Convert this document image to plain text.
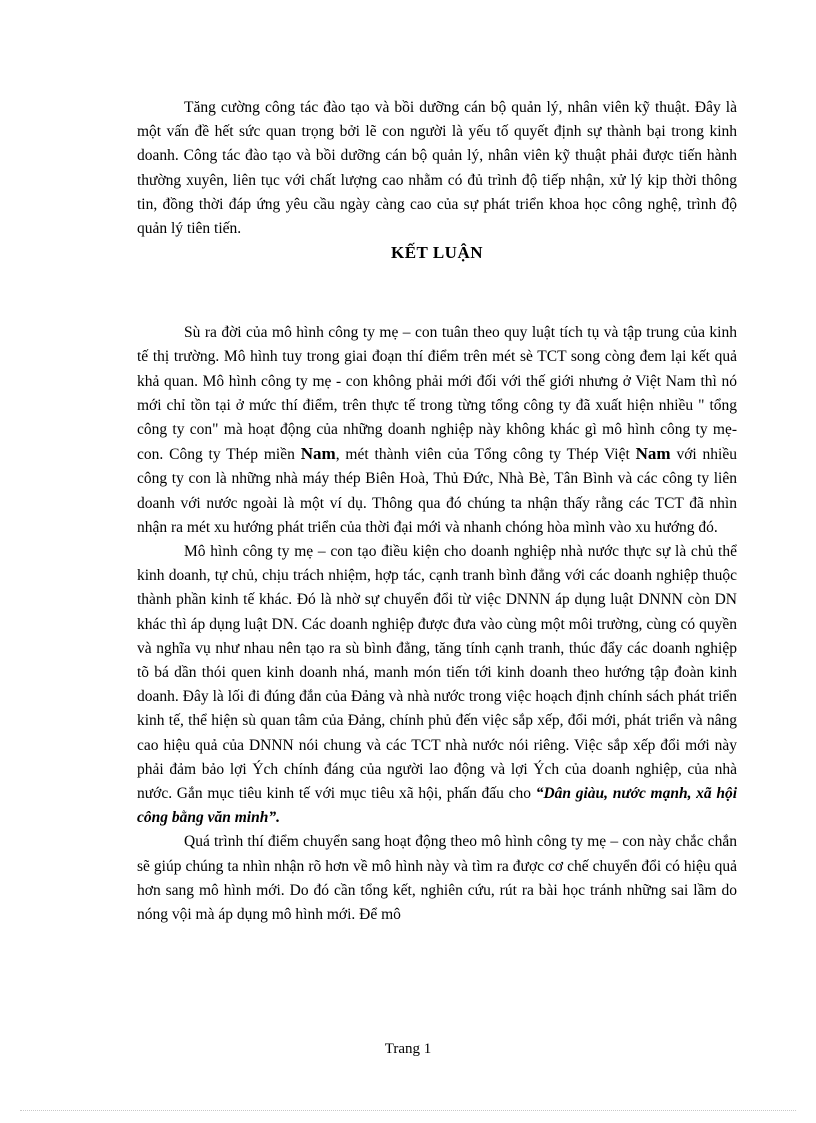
Tăng cường công tác đào tạo và bồi dưỡng cán bộ quản lý, nhân viên kỹ thuật. Đây là một vấn đề hết sức quan trọng bởi lẽ con người là yếu tố quyết định sự thành bại trong kinh doanh. Công tác đào tạo và bồi dưỡng cán bộ quản lý, nhân viên kỹ thuật phải được tiến hành thường xuyên, liên tục với chất lượng cao nhằm có đủ trình độ tiếp nhận, xử lý kịp thời thông tin, đồng thời đáp ứng yêu cầu ngày càng cao của sự phát triển khoa học công nghệ, trình độ quản lý tiên tiến.

KẾT LUẬN

Sù ra đời của mô hình công ty mẹ – con tuân theo quy luật tích tụ và tập trung của kinh tế thị trường. Mô hình tuy trong giai đoạn thí điểm trên mét sè TCT song còng đem lại kết quả khả quan. Mô hình công ty mẹ - con không phải mới đối với thế giới nhưng ở Việt Nam thì nó mới chỉ tồn tại ở mức thí điểm, trên thực tế trong từng tổng công ty đã xuất hiện nhiều " tổng công ty con" mà hoạt động của những doanh nghiệp này không khác gì mô hình công ty mẹ-con. Công ty Thép miền Nam, mét thành viên của Tổng công ty Thép Việt Nam với nhiều công ty con là những nhà máy thép Biên Hoà, Thủ Đức, Nhà Bè, Tân Bình và các công ty liên doanh với nước ngoài là một ví dụ. Thông qua đó chúng ta nhận thấy rằng các TCT đã nhìn nhận ra mét xu hướng phát triển của thời đại mới và nhanh chóng hòa mình vào xu hướng đó.

Mô hình công ty mẹ – con tạo điều kiện cho doanh nghiệp nhà nước thực sự là chủ thể kinh doanh, tự chủ, chịu trách nhiệm, hợp tác, cạnh tranh bình đẳng với các doanh nghiệp thuộc thành phần kinh tế khác. Đó là nhờ sự chuyển đổi từ việc DNNN áp dụng luật DNNN còn DN khác thì áp dụng luật DN. Các doanh nghiệp được đưa vào cùng một môi trường, cùng có quyền và nghĩa vụ như nhau nên tạo ra sù bình đẳng, tăng tính cạnh tranh, thúc đẩy các doanh nghiệp tõ bá dần thói quen kinh doanh nhá, manh món tiến tới kinh doanh theo hướng tập đoàn kinh doanh. Đây là lối đi đúng đắn của Đảng và nhà nước trong việc hoạch định chính sách phát triển kinh tế, thể hiện sù quan tâm của Đảng, chính phủ đến việc sắp xếp, đổi mới, phát triển và nâng cao hiệu quả của DNNN nói chung và các TCT nhà nước nói riêng. Việc sắp xếp đổi mới này phải đảm bảo lợi Ých chính đáng của người lao động và lợi Ých của doanh nghiệp, của nhà nước. Gắn mục tiêu kinh tế với mục tiêu xã hội, phấn đấu cho “Dân giàu, nước mạnh, xã hội công bằng văn minh”.

Quá trình thí điểm chuyển sang hoạt động theo mô hình công ty mẹ – con này chắc chắn sẽ giúp chúng ta nhìn nhận rõ hơn về mô hình này và tìm ra được cơ chế chuyển đổi có hiệu quả hơn sang mô hình mới. Do đó cần tổng kết, nghiên cứu, rút ra bài học tránh những sai lầm do nóng vội mà áp dụng mô hình mới. Để mô

Trang 1
